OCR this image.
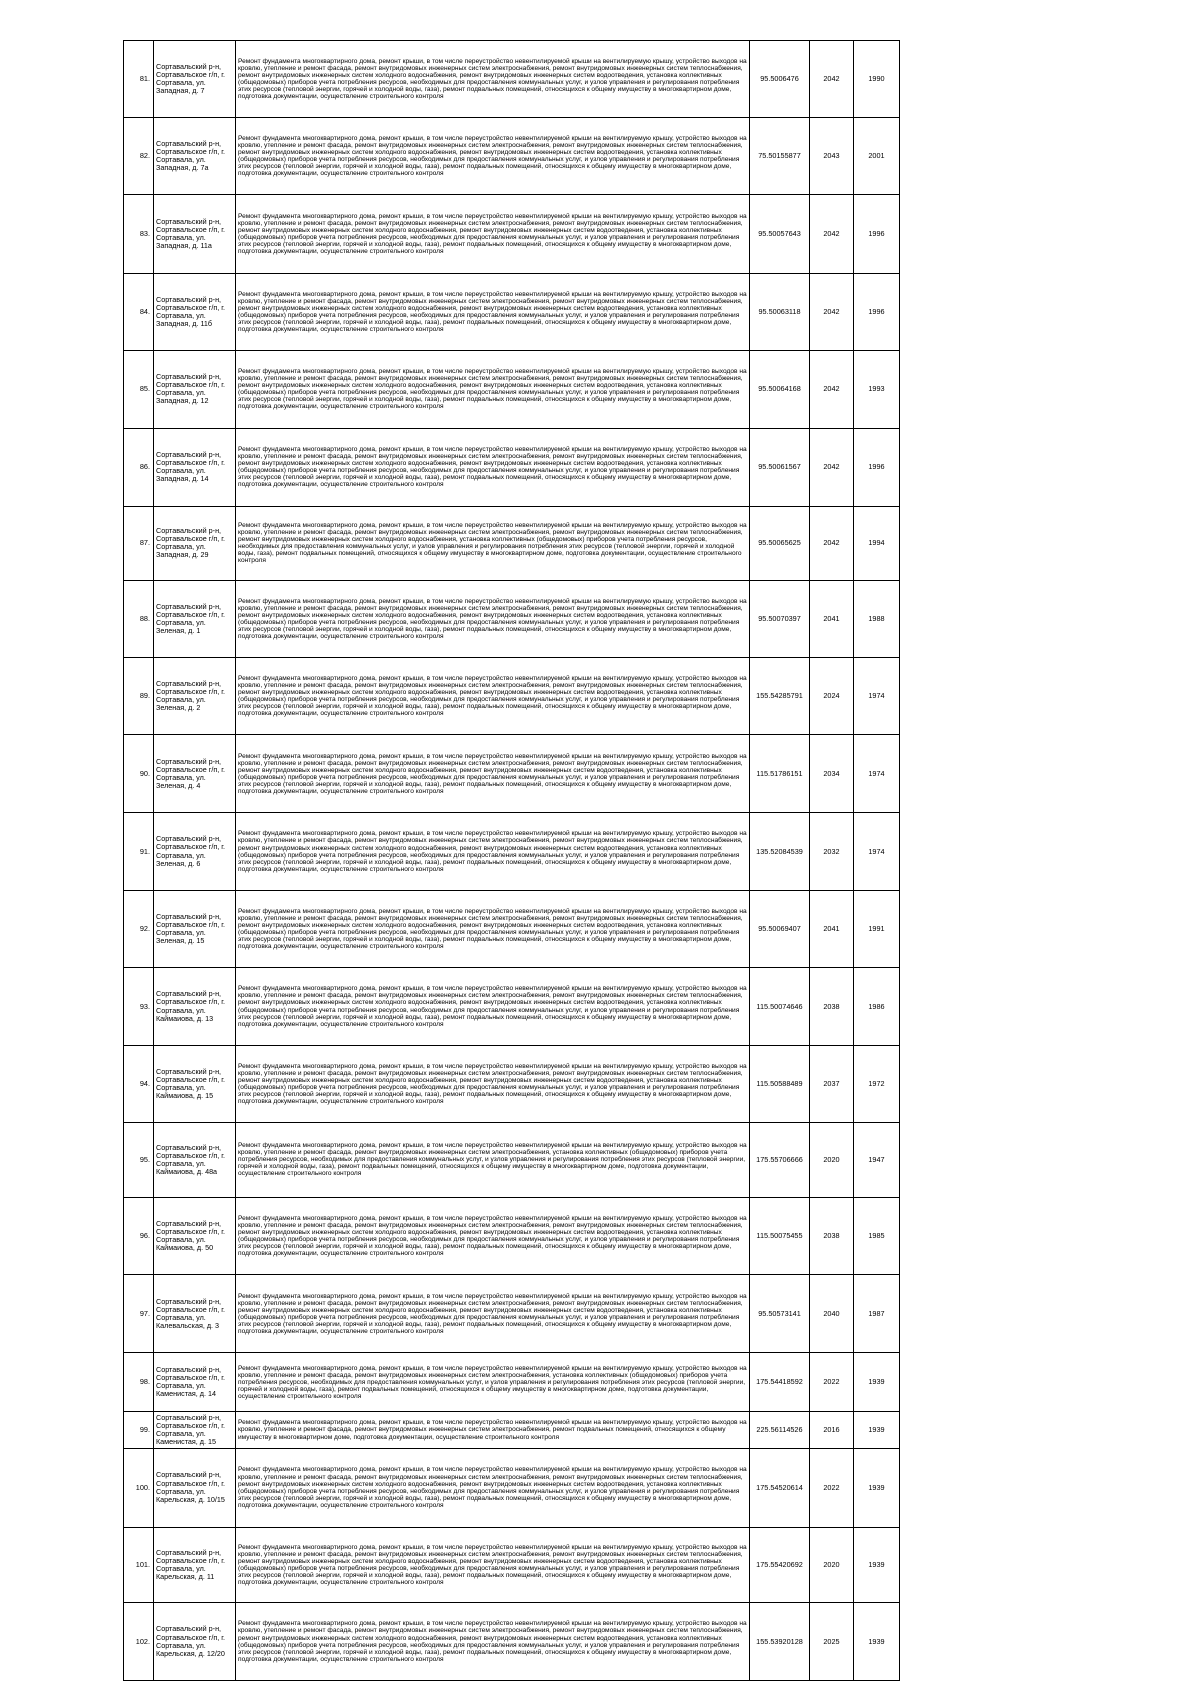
81.	Сортавальский р-н, Сортавальское г/п, г. Сортавала, ул. Западная, д. 7	Ремонт фундамента многоквартирного дома, ремонт крыши, в том числе переустройство невентилируемой крыши на вентилируемую крышу, устройство выходов на кровлю, утепление и ремонт фасада, ремонт внутридомовых инженерных систем электроснабжения, ремонт внутридомовых инженерных систем теплоснабжения, ремонт внутридомовых инженерных систем холодного водоснабжения, ремонт внутридомовых инженерных систем водоотведения, установка коллективных (общедомовых) приборов учета потребления ресурсов, необходимых для предоставления коммунальных услуг, и узлов управления и регулирования потребления этих ресурсов (тепловой энергии, горячей и холодной воды, газа), ремонт подвальных помещений, относящихся к общему имуществу в многоквартирном доме, подготовка документации, осуществление строительного контроля	95.5006476	2042	1990
82.	Сортавальский р-н, Сортавальское г/п, г. Сортавала, ул. Западная, д. 7а	Ремонт фундамента многоквартирного дома, ремонт крыши, в том числе переустройство невентилируемой крыши на вентилируемую крышу, устройство выходов на кровлю, утепление и ремонт фасада, ремонт внутридомовых инженерных систем электроснабжения, ремонт внутридомовых инженерных систем теплоснабжения, ремонт внутридомовых инженерных систем холодного водоснабжения, ремонт внутридомовых инженерных систем водоотведения, установка коллективных (общедомовых) приборов учета потребления ресурсов, необходимых для предоставления коммунальных услуг, и узлов управления и регулирования потребления этих ресурсов (тепловой энергии, горячей и холодной воды, газа), ремонт подвальных помещений, относящихся к общему имуществу в многоквартирном доме, подготовка документации, осуществление строительного контроля	75.50155877	2043	2001
83.	Сортавальский р-н, Сортавальское г/п, г. Сортавала, ул. Западная, д. 11а	Ремонт фундамента многоквартирного дома, ремонт крыши, в том числе переустройство невентилируемой крыши на вентилируемую крышу, устройство выходов на кровлю, утепление и ремонт фасада, ремонт внутридомовых инженерных систем электроснабжения, ремонт внутридомовых инженерных систем теплоснабжения, ремонт внутридомовых инженерных систем холодного водоснабжения, ремонт внутридомовых инженерных систем водоотведения, установка коллективных (общедомовых) приборов учета потребления ресурсов, необходимых для предоставления коммунальных услуг, и узлов управления и регулирования потребления этих ресурсов (тепловой энергии, горячей и холодной воды, газа), ремонт подвальных помещений, относящихся к общему имуществу в многоквартирном доме, подготовка документации, осуществление строительного контроля	95.50057643	2042	1996
84.	Сортавальский р-н, Сортавальское г/п, г. Сортавала, ул. Западная, д. 11б	Ремонт фундамента многоквартирного дома, ремонт крыши, в том числе переустройство невентилируемой крыши на вентилируемую крышу, устройство выходов на кровлю, утепление и ремонт фасада, ремонт внутридомовых инженерных систем электроснабжения, ремонт внутридомовых инженерных систем теплоснабжения, ремонт внутридомовых инженерных систем холодного водоснабжения, ремонт внутридомовых инженерных систем водоотведения, установка коллективных (общедомовых) приборов учета потребления ресурсов, необходимых для предоставления коммунальных услуг, и узлов управления и регулирования потребления этих ресурсов (тепловой энергии, горячей и холодной воды, газа), ремонт подвальных помещений, относящихся к общему имуществу в многоквартирном доме, подготовка документации, осуществление строительного контроля	95.50063118	2042	1996
85.	Сортавальский р-н, Сортавальское г/п, г. Сортавала, ул. Западная, д. 12	Ремонт фундамента многоквартирного дома, ремонт крыши, в том числе переустройство невентилируемой крыши на вентилируемую крышу, устройство выходов на кровлю, утепление и ремонт фасада, ремонт внутридомовых инженерных систем электроснабжения, ремонт внутридомовых инженерных систем теплоснабжения, ремонт внутридомовых инженерных систем холодного водоснабжения, ремонт внутридомовых инженерных систем водоотведения, установка коллективных (общедомовых) приборов учета потребления ресурсов, необходимых для предоставления коммунальных услуг, и узлов управления и регулирования потребления этих ресурсов (тепловой энергии, горячей и холодной воды, газа), ремонт подвальных помещений, относящихся к общему имуществу в многоквартирном доме, подготовка документации, осуществление строительного контроля	95.50064168	2042	1993
86.	Сортавальский р-н, Сортавальское г/п, г. Сортавала, ул. Западная, д. 14	Ремонт фундамента многоквартирного дома, ремонт крыши, в том числе переустройство невентилируемой крыши на вентилируемую крышу, устройство выходов на кровлю, утепление и ремонт фасада, ремонт внутридомовых инженерных систем электроснабжения, ремонт внутридомовых инженерных систем теплоснабжения, ремонт внутридомовых инженерных систем холодного водоснабжения, ремонт внутридомовых инженерных систем водоотведения, установка коллективных (общедомовых) приборов учета потребления ресурсов, необходимых для предоставления коммунальных услуг, и узлов управления и регулирования потребления этих ресурсов (тепловой энергии, горячей и холодной воды, газа), ремонт подвальных помещений, относящихся к общему имуществу в многоквартирном доме, подготовка документации, осуществление строительного контроля	95.50061567	2042	1996
87.	Сортавальский р-н, Сортавальское г/п, г. Сортавала, ул. Западная, д. 29	Ремонт фундамента многоквартирного дома, ремонт крыши, в том числе переустройство невентилируемой крыши на вентилируемую крышу, устройство выходов на кровлю, утепление и ремонт фасада, ремонт внутридомовых инженерных систем электроснабжения, ремонт внутридомовых инженерных систем теплоснабжения, ремонт внутридомовых инженерных систем холодного водоснабжения, установка коллективных (общедомовых) приборов учета потребления ресурсов, необходимых для предоставления коммунальных услуг, и узлов управления и регулирования потребления этих ресурсов (тепловой энергии, горячей и холодной воды, газа), ремонт подвальных помещений, относящихся к общему имуществу в многоквартирном доме, подготовка документации, осуществление строительного контроля	95.50065625	2042	1994
88.	Сортавальский р-н, Сортавальское г/п, г. Сортавала, ул. Зеленая, д. 1	Ремонт фундамента многоквартирного дома, ремонт крыши, в том числе переустройство невентилируемой крыши на вентилируемую крышу, устройство выходов на кровлю, утепление и ремонт фасада, ремонт внутридомовых инженерных систем электроснабжения, ремонт внутридомовых инженерных систем теплоснабжения, ремонт внутридомовых инженерных систем холодного водоснабжения, ремонт внутридомовых инженерных систем водоотведения, установка коллективных (общедомовых) приборов учета потребления ресурсов, необходимых для предоставления коммунальных услуг, и узлов управления и регулирования потребления этих ресурсов (тепловой энергии, горячей и холодной воды, газа), ремонт подвальных помещений, относящихся к общему имуществу в многоквартирном доме, подготовка документации, осуществление строительного контроля	95.50070397	2041	1988
89.	Сортавальский р-н, Сортавальское г/п, г. Сортавала, ул. Зеленая, д. 2	Ремонт фундамента многоквартирного дома, ремонт крыши, в том числе переустройство невентилируемой крыши на вентилируемую крышу, устройство выходов на кровлю, утепление и ремонт фасада, ремонт внутридомовых инженерных систем электроснабжения, ремонт внутридомовых инженерных систем теплоснабжения, ремонт внутридомовых инженерных систем холодного водоснабжения, ремонт внутридомовых инженерных систем водоотведения, установка коллективных (общедомовых) приборов учета потребления ресурсов, необходимых для предоставления коммунальных услуг, и узлов управления и регулирования потребления этих ресурсов (тепловой энергии, горячей и холодной воды, газа), ремонт подвальных помещений, относящихся к общему имуществу в многоквартирном доме, подготовка документации, осуществление строительного контроля	155.54285791	2024	1974
90.	Сортавальский р-н, Сортавальское г/п, г. Сортавала, ул. Зеленая, д. 4	Ремонт фундамента многоквартирного дома, ремонт крыши, в том числе переустройство невентилируемой крыши на вентилируемую крышу, устройство выходов на кровлю, утепление и ремонт фасада, ремонт внутридомовых инженерных систем электроснабжения, ремонт внутридомовых инженерных систем теплоснабжения, ремонт внутридомовых инженерных систем холодного водоснабжения, ремонт внутридомовых инженерных систем водоотведения, установка коллективных (общедомовых) приборов учета потребления ресурсов, необходимых для предоставления коммунальных услуг, и узлов управления и регулирования потребления этих ресурсов (тепловой энергии, горячей и холодной воды, газа), ремонт подвальных помещений, относящихся к общему имуществу в многоквартирном доме, подготовка документации, осуществление строительного контроля	115.51786151	2034	1974
91.	Сортавальский р-н, Сортавальское г/п, г. Сортавала, ул. Зеленая, д. 6	Ремонт фундамента многоквартирного дома, ремонт крыши, в том числе переустройство невентилируемой крыши на вентилируемую крышу, устройство выходов на кровлю, утепление и ремонт фасада, ремонт внутридомовых инженерных систем электроснабжения, ремонт внутридомовых инженерных систем теплоснабжения, ремонт внутридомовых инженерных систем холодного водоснабжения, ремонт внутридомовых инженерных систем водоотведения, установка коллективных (общедомовых) приборов учета потребления ресурсов, необходимых для предоставления коммунальных услуг, и узлов управления и регулирования потребления этих ресурсов (тепловой энергии, горячей и холодной воды, газа), ремонт подвальных помещений, относящихся к общему имуществу в многоквартирном доме, подготовка документации, осуществление строительного контроля	135.52084539	2032	1974
92.	Сортавальский р-н, Сортавальское г/п, г. Сортавала, ул. Зеленая, д. 15	Ремонт фундамента многоквартирного дома, ремонт крыши, в том числе переустройство невентилируемой крыши на вентилируемую крышу, устройство выходов на кровлю, утепление и ремонт фасада, ремонт внутридомовых инженерных систем электроснабжения, ремонт внутридомовых инженерных систем теплоснабжения, ремонт внутридомовых инженерных систем холодного водоснабжения, ремонт внутридомовых инженерных систем водоотведения, установка коллективных (общедомовых) приборов учета потребления ресурсов, необходимых для предоставления коммунальных услуг, и узлов управления и регулирования потребления этих ресурсов (тепловой энергии, горячей и холодной воды, газа), ремонт подвальных помещений, относящихся к общему имуществу в многоквартирном доме, подготовка документации, осуществление строительного контроля	95.50069407	2041	1991
93.	Сортавальский р-н, Сортавальское г/п, г. Сортавала, ул. Каймаиова, д. 13	Ремонт фундамента многоквартирного дома, ремонт крыши, в том числе переустройство невентилируемой крыши на вентилируемую крышу, устройство выходов на кровлю, утепление и ремонт фасада, ремонт внутридомовых инженерных систем электроснабжения, ремонт внутридомовых инженерных систем теплоснабжения, ремонт внутридомовых инженерных систем холодного водоснабжения, ремонт внутридомовых инженерных систем водоотведения, установка коллективных (общедомовых) приборов учета потребления ресурсов, необходимых для предоставления коммунальных услуг, и узлов управления и регулирования потребления этих ресурсов (тепловой энергии, горячей и холодной воды, газа), ремонт подвальных помещений, относящихся к общему имуществу в многоквартирном доме, подготовка документации, осуществление строительного контроля	115.50074646	2038	1986
94.	Сортавальский р-н, Сортавальское г/п, г. Сортавала, ул. Каймаиова, д. 15	Ремонт фундамента многоквартирного дома, ремонт крыши, в том числе переустройство невентилируемой крыши на вентилируемую крышу, устройство выходов на кровлю, утепление и ремонт фасада, ремонт внутридомовых инженерных систем электроснабжения, ремонт внутридомовых инженерных систем теплоснабжения, ремонт внутридомовых инженерных систем холодного водоснабжения, ремонт внутридомовых инженерных систем водоотведения, установка коллективных (общедомовых) приборов учета потребления ресурсов, необходимых для предоставления коммунальных услуг, и узлов управления и регулирования потребления этих ресурсов (тепловой энергии, горячей и холодной воды, газа), ремонт подвальных помещений, относящихся к общему имуществу в многоквартирном доме, подготовка документации, осуществление строительного контроля	115.50588489	2037	1972
95.	Сортавальский р-н, Сортавальское г/п, г. Сортавала, ул. Каймаиова, д. 48а	Ремонт фундамента многоквартирного дома, ремонт крыши, в том числе переустройство невентилируемой крыши на вентилируемую крышу, устройство выходов на кровлю, утепление и ремонт фасада, ремонт внутридомовых инженерных систем электроснабжения, установка коллективных (общедомовых) приборов учета потребления ресурсов, необходимых для предоставления коммунальных услуг, и узлов управления и регулирования потребления этих ресурсов (тепловой энергии, горячей и холодной воды, газа), ремонт подвальных помещений, относящихся к общему имуществу в многоквартирном доме, подготовка документации, осуществление строительного контроля	175.55706666	2020	1947
96.	Сортавальский р-н, Сортавальское г/п, г. Сортавала, ул. Каймаиова, д. 50	Ремонт фундамента многоквартирного дома, ремонт крыши, в том числе переустройство невентилируемой крыши на вентилируемую крышу, устройство выходов на кровлю, утепление и ремонт фасада, ремонт внутридомовых инженерных систем электроснабжения, ремонт внутридомовых инженерных систем теплоснабжения, ремонт внутридомовых инженерных систем холодного водоснабжения, ремонт внутридомовых инженерных систем водоотведения, установка коллективных (общедомовых) приборов учета потребления ресурсов, необходимых для предоставления коммунальных услуг, и узлов управления и регулирования потребления этих ресурсов (тепловой энергии, горячей и холодной воды, газа), ремонт подвальных помещений, относящихся к общему имуществу в многоквартирном доме, подготовка документации, осуществление строительного контроля	115.50075455	2038	1985
97.	Сортавальский р-н, Сортавальское г/п, г. Сортавала, ул. Калевальская, д. 3	Ремонт фундамента многоквартирного дома, ремонт крыши, в том числе переустройство невентилируемой крыши на вентилируемую крышу, устройство выходов на кровлю, утепление и ремонт фасада, ремонт внутридомовых инженерных систем электроснабжения, ремонт внутридомовых инженерных систем теплоснабжения, ремонт внутридомовых инженерных систем холодного водоснабжения, ремонт внутридомовых инженерных систем водоотведения, установка коллективных (общедомовых) приборов учета потребления ресурсов, необходимых для предоставления коммунальных услуг, и узлов управления и регулирования потребления этих ресурсов (тепловой энергии, горячей и холодной воды, газа), ремонт подвальных помещений, относящихся к общему имуществу в многоквартирном доме, подготовка документации, осуществление строительного контроля	95.50573141	2040	1987
98.	Сортавальский р-н, Сортавальское г/п, г. Сортавала, ул. Каменистая, д. 14	Ремонт фундамента многоквартирного дома, ремонт крыши, в том числе переустройство невентилируемой крыши на вентилируемую крышу, устройство выходов на кровлю, утепление и ремонт фасада, ремонт внутридомовых инженерных систем электроснабжения, установка коллективных (общедомовых) приборов учета потребления ресурсов, необходимых для предоставления коммунальных услуг, и узлов управления и регулирования потребления этих ресурсов (тепловой энергии, горячей и холодной воды, газа), ремонт подвальных помещений, относящихся к общему имуществу в многоквартирном доме, подготовка документации, осуществление строительного контроля	175.54418592	2022	1939
99.	Сортавальский р-н, Сортавальское г/п, г. Сортавала, ул. Каменистая, д. 15	Ремонт фундамента многоквартирного дома, ремонт крыши, в том числе переустройство невентилируемой крыши на вентилируемую крышу, устройство выходов на кровлю, утепление и ремонт фасада, ремонт внутридомовых инженерных систем электроснабжения, ремонт подвальных помещений, относящихся к общему имуществу в многоквартирном доме, подготовка документации, осуществление строительного контроля	225.56114526	2016	1939
100.	Сортавальский р-н, Сортавальское г/п, г. Сортавала, ул. Карельская, д. 10/15	Ремонт фундамента многоквартирного дома, ремонт крыши, в том числе переустройство невентилируемой крыши на вентилируемую крышу, устройство выходов на кровлю, утепление и ремонт фасада, ремонт внутридомовых инженерных систем электроснабжения, ремонт внутридомовых инженерных систем теплоснабжения, ремонт внутридомовых инженерных систем холодного водоснабжения, ремонт внутридомовых инженерных систем водоотведения, установка коллективных (общедомовых) приборов учета потребления ресурсов, необходимых для предоставления коммунальных услуг, и узлов управления и регулирования потребления этих ресурсов (тепловой энергии, горячей и холодной воды, газа), ремонт подвальных помещений, относящихся к общему имуществу в многоквартирном доме, подготовка документации, осуществление строительного контроля	175.54520614	2022	1939
101.	Сортавальский р-н, Сортавальское г/п, г. Сортавала, ул. Карельская, д. 11	Ремонт фундамента многоквартирного дома, ремонт крыши, в том числе переустройство невентилируемой крыши на вентилируемую крышу, устройство выходов на кровлю, утепление и ремонт фасада, ремонт внутридомовых инженерных систем электроснабжения, ремонт внутридомовых инженерных систем теплоснабжения, ремонт внутридомовых инженерных систем холодного водоснабжения, ремонт внутридомовых инженерных систем водоотведения, установка коллективных (общедомовых) приборов учета потребления ресурсов, необходимых для предоставления коммунальных услуг, и узлов управления и регулирования потребления этих ресурсов (тепловой энергии, горячей и холодной воды, газа), ремонт подвальных помещений, относящихся к общему имуществу в многоквартирном доме, подготовка документации, осуществление строительного контроля	175.55420692	2020	1939
102.	Сортавальский р-н, Сортавальское г/п, г. Сортавала, ул. Карельская, д. 12/20	Ремонт фундамента многоквартирного дома, ремонт крыши, в том числе переустройство невентилируемой крыши на вентилируемую крышу, устройство выходов на кровлю, утепление и ремонт фасада, ремонт внутридомовых инженерных систем электроснабжения, ремонт внутридомовых инженерных систем теплоснабжения, ремонт внутридомовых инженерных систем холодного водоснабжения, ремонт внутридомовых инженерных систем водоотведения, установка коллективных (общедомовых) приборов учета потребления ресурсов, необходимых для предоставления коммунальных услуг, и узлов управления и регулирования потребления этих ресурсов (тепловой энергии, горячей и холодной воды, газа), ремонт подвальных помещений, относящихся к общему имуществу в многоквартирном доме, подготовка документации, осуществление строительного контроля	155.53920128	2025	1939
